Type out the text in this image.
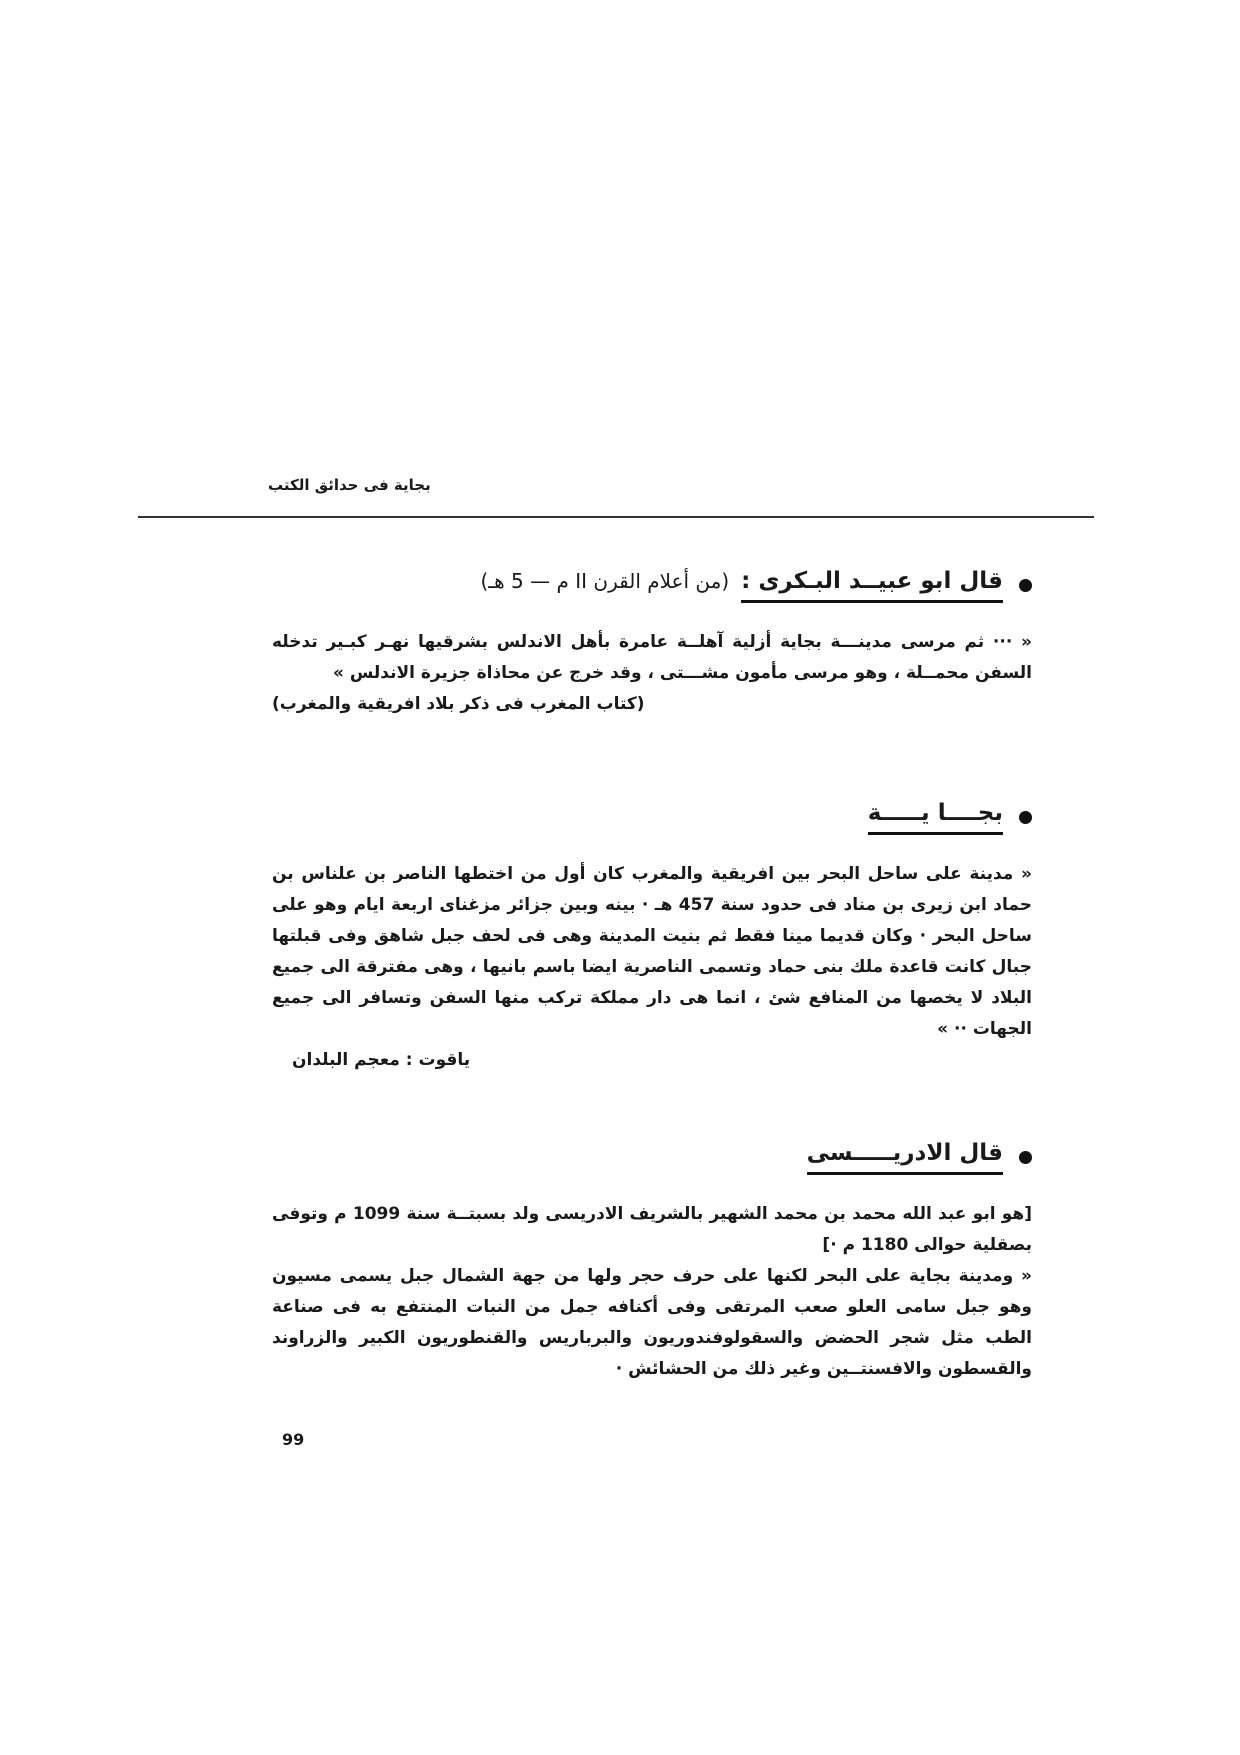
بجاية فى حدائق الكتب
قال ابو عبيــد البـكرى :
(من أعلام القرن II م — 5 هـ)
« ··· ثم مرسى مدينـــة بجاية أزلية آهلــة عامرة بأهل الاندلس بشرقيها نهـر كبـير تدخله السفن محمــلة ، وهو مرسى مأمون مشـــتى ، وقد خرج عن محاذاة جزيرة الاندلس »
(كتاب المغرب فى ذكر بلاد افريقية والمغرب)
بجــــا يـــــة
« مدينة على ساحل البحر بين افريقية والمغرب كان أول من اختطها الناصر بن علناس بن حماد ابن زيرى بن مناد فى حدود سنة 457 هـ · بينه وبين جزائر مزغناى اربعة ايام وهو على ساحل البحر · وكان قديما مينا فقط ثم بنيت المدينة وهى فى لحف جبل شاهق وفى قبلتها جبال كانت قاعدة ملك بنى حماد وتسمى الناصرية ايضا باسم بانيها ، وهى مفترقة الى جميع البلاد لا يخصها من المنافع شئ ، انما هى دار مملكة تركب منها السفن وتسافر الى جميع الجهات ·· »
ياقوت : معجم البلدان
قال الادريـــــسى
[هو ابو عبد الله محمد بن محمد الشهير بالشريف الادريسى ولد بسبتــة سنة 1099 م وتوفى بصقلية حوالى 1180 م ·]
« ومدينة بجاية على البحر لكنها على حرف حجر ولها من جهة الشمال جبل يسمى مسيون وهو جبل سامى العلو صعب المرتقى وفى أكنافه جمل من النبات المنتفع به فى صناعة الطب مثل شجر الحضض والسقولوفندوريون والبرباريس والقنطوريون الكبير والزراوند والقسطون والافسنتــين وغير ذلك من الحشائش ·
99
